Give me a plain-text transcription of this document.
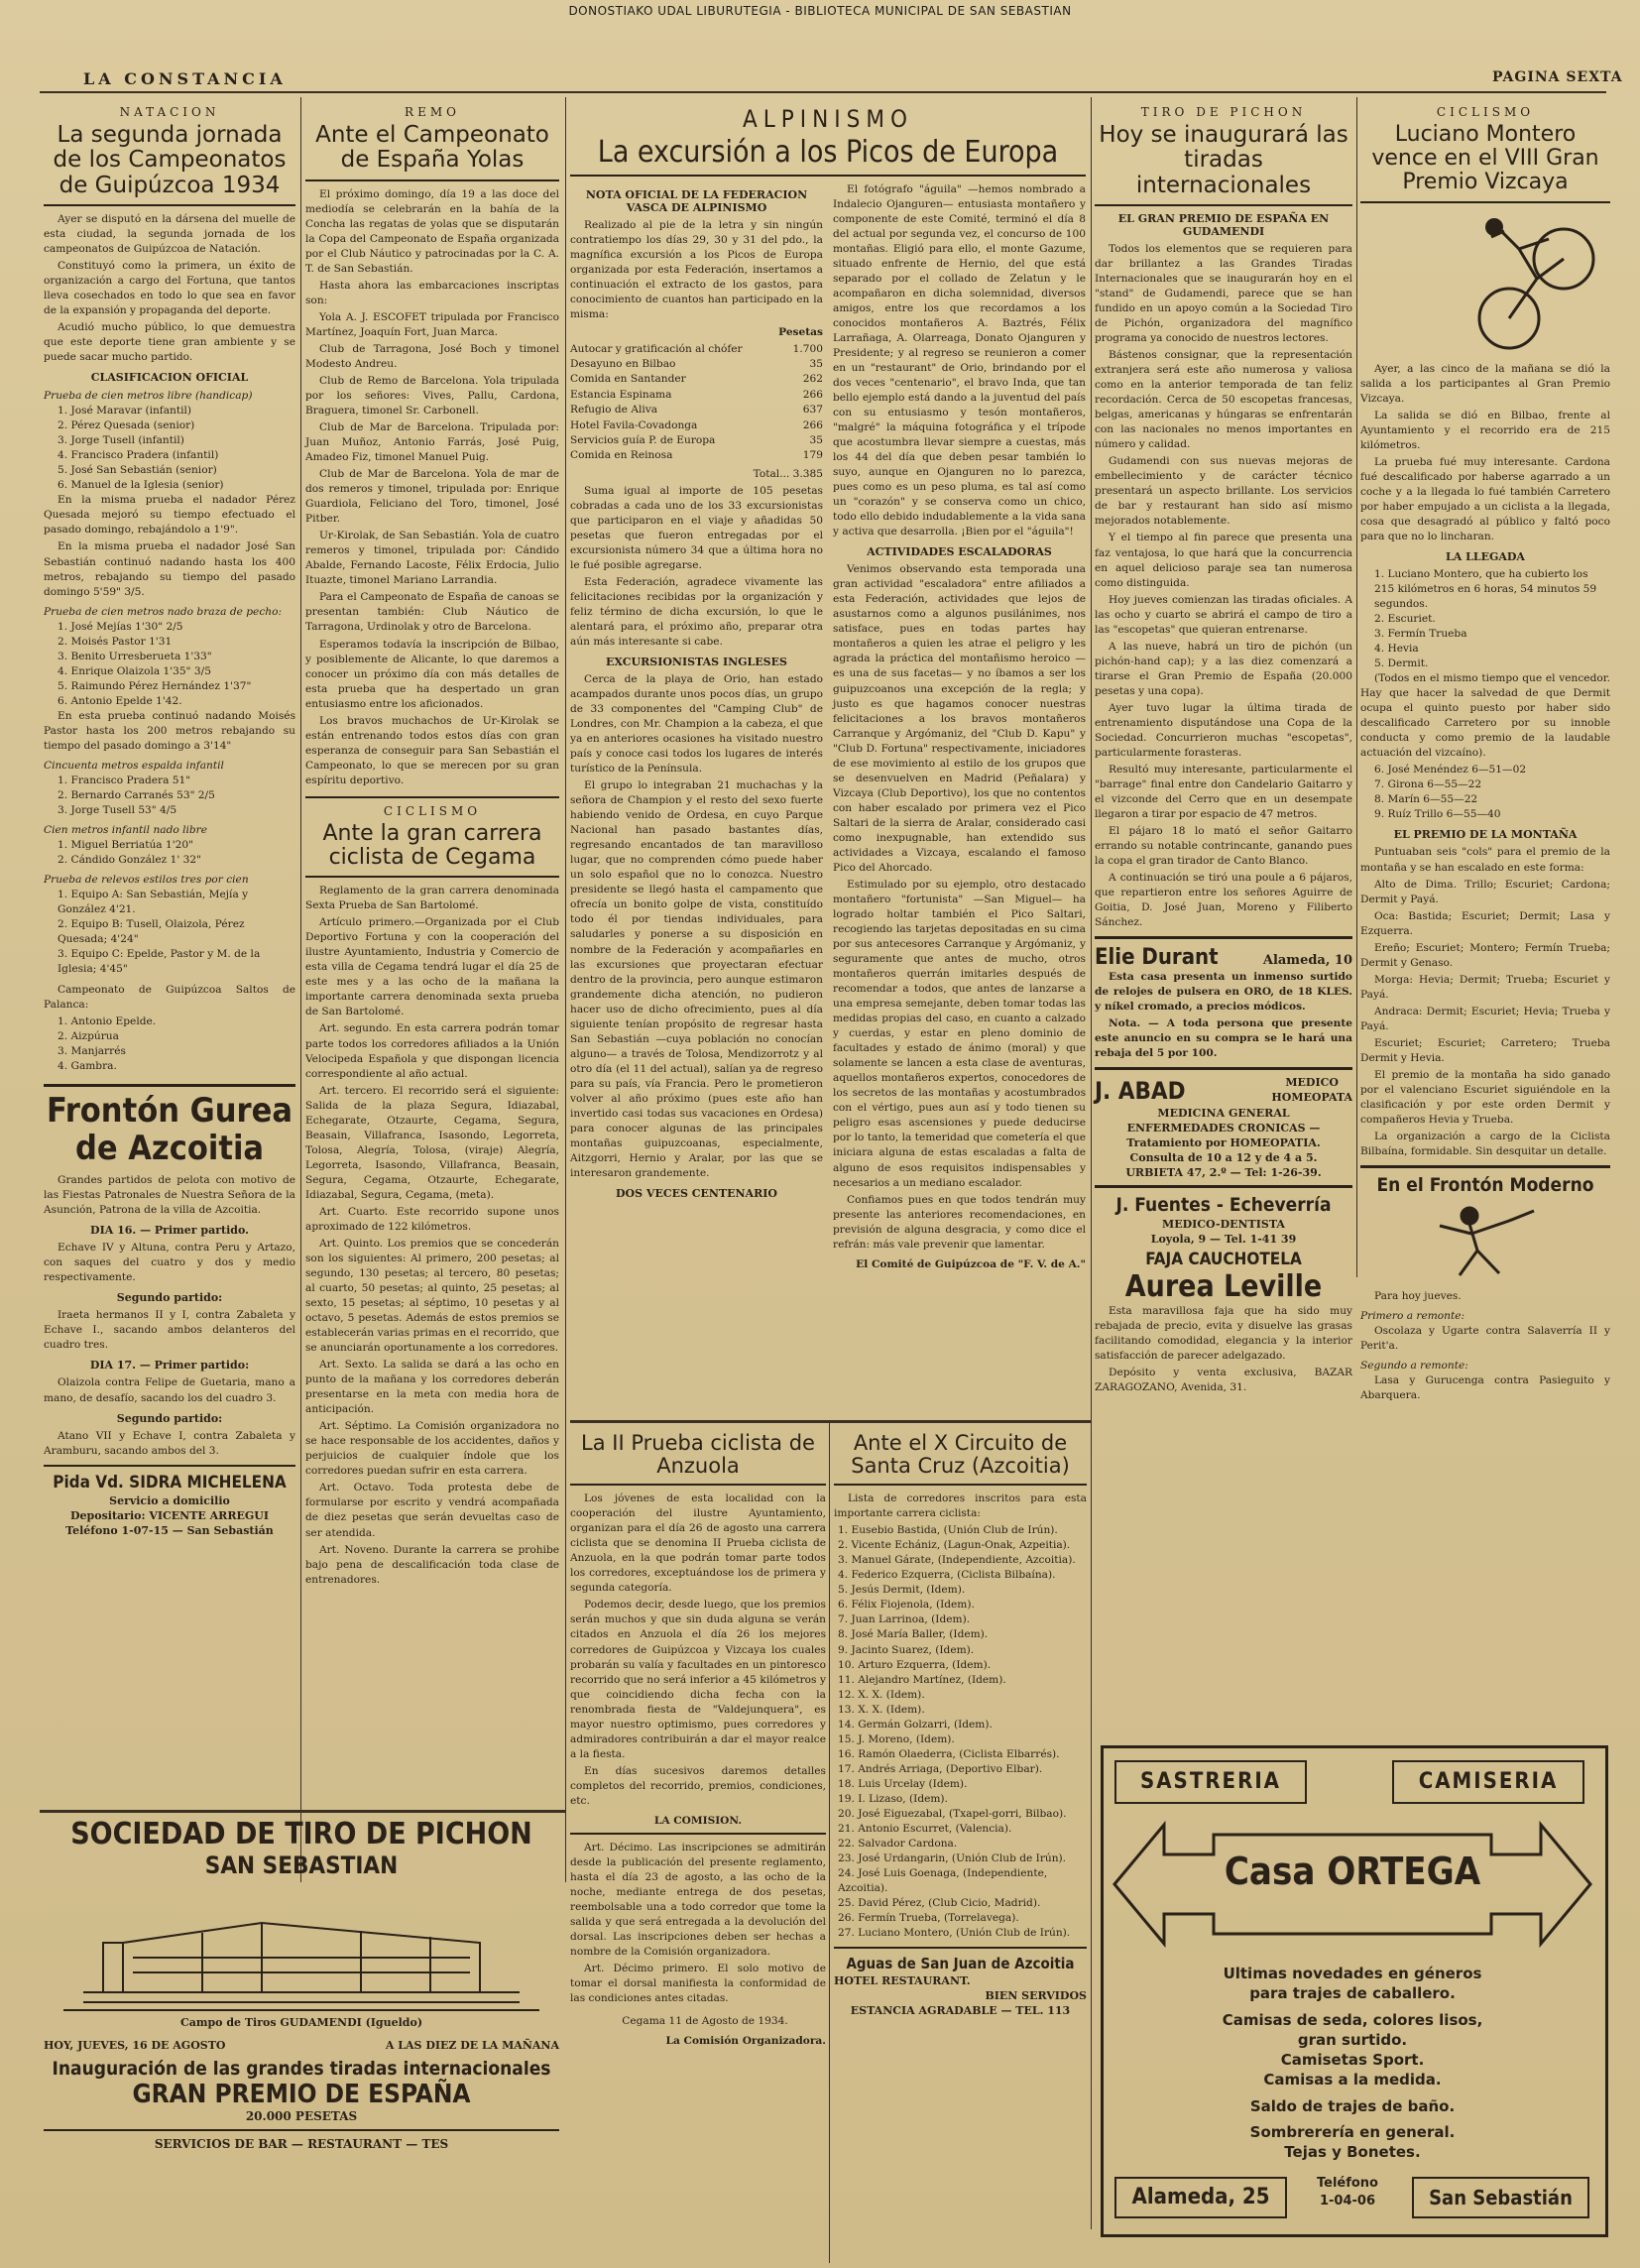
DONOSTIAKO UDAL LIBURUTEGIA - BIBLIOTECA MUNICIPAL DE SAN SEBASTIAN
LA CONSTANCIA	PAGINA SEXTA
NATACION
La segunda jornada de los Campeonatos de Guipúzcoa 1934
Ayer se disputó en la dársena del muelle de esta ciudad, la segunda jornada de los campeonatos de Guipúzcoa de Natación.
Constituyó como la primera, un éxito de organización a cargo del Fortuna, que tantos lleva cosechados en todo lo que sea en favor de la expansión y propaganda del deporte.
Acudió mucho público, lo que demuestra que este deporte tiene gran ambiente y se puede sacar mucho partido.
CLASIFICACION OFICIAL
Prueba de cien metros libre (handicap)
1. José Maravar (infantil)
2. Pérez Quesada (senior)
3. Jorge Tusell (infantil)
4. Francisco Pradera (infantil)
5. José San Sebastián (senior)
6. Manuel de la Iglesia (senior)
En la misma prueba el nadador Pérez Quesada mejoró su tiempo efectuado el pasado domingo, rebajándolo a 1'9".
En la misma prueba el nadador José San Sebastián continuó nadando hasta los 400 metros, rebajando su tiempo del pasado domingo 5'59" 3/5.
Prueba de cien metros nado braza de pecho:
1. José Mejías 1'30" 2/5
2. Moisés Pastor 1'31
3. Benito Urresberueta 1'33"
4. Enrique Olaizola 1'35" 3/5
5. Raimundo Pérez Hernández 1'37"
6. Antonio Epelde 1'42.
En esta prueba continuó nadando Moisés Pastor hasta los 200 metros rebajando su tiempo del pasado domingo a 3'14"
Cincuenta metros espalda infantil
1. Francisco Pradera 51"
2. Bernardo Carranés 53" 2/5
3. Jorge Tusell 53" 4/5
Cien metros infantil nado libre
1. Miguel Berriatúa 1'20"
2. Cándido González 1' 32"
Prueba de relevos estilos tres por cien
1. Equipo A: San Sebastián, Mejía y González 4'21.
2. Equipo B: Tusell, Olaizola, Pérez Quesada; 4'24"
3. Equipo C: Epelde, Pastor y M. de la Iglesia; 4'45"
Campeonato de Guipúzcoa Saltos de Palanca:
1. Antonio Epelde.
2. Aizpúrua
3. Manjarrés
4. Gambra.
Frontón Gurea de Azcoitia
Grandes partidos de pelota con motivo de las Fiestas Patronales de Nuestra Señora de la Asunción, Patrona de la villa de Azcoitia.
DIA 16. — Primer partido.
Echave IV y Altuna, contra Peru y Artazo, con saques del cuatro y dos y medio respectivamente.
Segundo partido:
Iraeta hermanos II y I, contra Zabaleta y Echave I., sacando ambos delanteros del cuadro tres.
DIA 17. — Primer partido:
Olaizola contra Felipe de Guetaria, mano a mano, de desafío, sacando los del cuadro 3.
Segundo partido:
Atano VII y Echave I, contra Zabaleta y Aramburu, sacando ambos del 3.
Pida Vd. SIDRA MICHELENA
Servicio a domicilio
Depositario: VICENTE ARREGUI
Teléfono 1-07-15 — San Sebastián
REMO
Ante el Campeonato de España Yolas
El próximo domingo, día 19 a las doce del mediodía se celebrarán en la bahía de la Concha las regatas de yolas que se disputarán la Copa del Campeonato de España organizada por el Club Náutico y patrocinadas por la C. A. T. de San Sebastián.
Hasta ahora las embarcaciones inscriptas son:
Yola A. J. ESCOFET tripulada por Francisco Martínez, Joaquín Fort, Juan Marca.
Club de Tarragona, José Boch y timonel Modesto Andreu.
Club de Remo de Barcelona. Yola tripulada por los señores: Vives, Pallu, Cardona, Braguera, timonel Sr. Carbonell.
Club de Mar de Barcelona. Tripulada por: Juan Muñoz, Antonio Farrás, José Puig, Amadeo Fiz, timonel Manuel Puig.
Club de Mar de Barcelona. Yola de mar de dos remeros y timonel, tripulada por: Enrique Guardiola, Feliciano del Toro, timonel, José Pitber.
Ur-Kirolak, de San Sebastián. Yola de cuatro remeros y timonel, tripulada por: Cándido Abalde, Fernando Lacoste, Félix Erdocia, Julio Ituazte, timonel Mariano Larrandia.
Para el Campeonato de España de canoas se presentan también: Club Náutico de Tarragona, Urdinolak y otro de Barcelona.
Esperamos todavía la inscripción de Bilbao, y posiblemente de Alicante, lo que daremos a conocer un próximo día con más detalles de esta prueba que ha despertado un gran entusiasmo entre los aficionados.
Los bravos muchachos de Ur-Kirolak se están entrenando todos estos días con gran esperanza de conseguir para San Sebastián el Campeonato, lo que se merecen por su gran espíritu deportivo.
CICLISMO
Ante la gran carrera ciclista de Cegama
Reglamento de la gran carrera denominada Sexta Prueba de San Bartolomé.
Artículo primero.—Organizada por el Club Deportivo Fortuna y con la cooperación del ilustre Ayuntamiento, Industria y Comercio de esta villa de Cegama tendrá lugar el día 25 de este mes y a las ocho de la mañana la importante carrera denominada sexta prueba de San Bartolomé.
Art. segundo. En esta carrera podrán tomar parte todos los corredores afiliados a la Unión Velocipeda Española y que dispongan licencia correspondiente al año actual.
Art. tercero. El recorrido será el siguiente: Salida de la plaza Segura, Idiazabal, Echegarate, Otzaurte, Cegama, Segura, Beasain, Villafranca, Isasondo, Legorreta, Tolosa, Alegría, Tolosa, (viraje) Alegría, Legorreta, Isasondo, Villafranca, Beasain, Segura, Cegama, Otzaurte, Echegarate, Idiazabal, Segura, Cegama, (meta).
Art. Cuarto. Este recorrido supone unos aproximado de 122 kilómetros.
Art. Quinto. Los premios que se concederán son los siguientes: Al primero, 200 pesetas; al segundo, 130 pesetas; al tercero, 80 pesetas; al cuarto, 50 pesetas; al quinto, 25 pesetas; al sexto, 15 pesetas; al séptimo, 10 pesetas y al octavo, 5 pesetas. Además de estos premios se establecerán varias primas en el recorrido, que se anunciarán oportunamente a los corredores.
Art. Sexto. La salida se dará a las ocho en punto de la mañana y los corredores deberán presentarse en la meta con media hora de anticipación.
Art. Séptimo. La Comisión organizadora no se hace responsable de los accidentes, daños y perjuicios de cualquier índole que los corredores puedan sufrir en esta carrera.
Art. Octavo. Toda protesta debe de formularse por escrito y vendrá acompañada de diez pesetas que serán devueltas caso de ser atendida.
Art. Noveno. Durante la carrera se prohibe bajo pena de descalificación toda clase de entrenadores.
ALPINISMO
La excursión a los Picos de Europa
NOTA OFICIAL DE LA FEDERACION VASCA DE ALPINISMO
Realizado al pie de la letra y sin ningún contratiempo los días 29, 30 y 31 del pdo., la magnífica excursión a los Picos de Europa organizada por esta Federación, insertamos a continuación el extracto de los gastos, para conocimiento de cuantos han participado en la misma:
Pesetas
Autocar y gratificación al chófer	1.700
Desayuno en Bilbao	35
Comida en Santander	262
Estancia Espinama	266
Refugio de Aliva	637
Hotel Favila-Covadonga	266
Servicios guía P. de Europa	35
Comida en Reinosa	179
Total... 3.385
Suma igual al importe de 105 pesetas cobradas a cada uno de los 33 excursionistas que participaron en el viaje y añadidas 50 pesetas que fueron entregadas por el excursionista número 34 que a última hora no le fué posible agregarse.
Esta Federación, agradece vivamente las felicitaciones recibidas por la organización y feliz término de dicha excursión, lo que le alentará para, el próximo año, preparar otra aún más interesante si cabe.
EXCURSIONISTAS INGLESES
Cerca de la playa de Orio, han estado acampados durante unos pocos días, un grupo de 33 componentes del "Camping Club" de Londres, con Mr. Champion a la cabeza, el que ya en anteriores ocasiones ha visitado nuestro país y conoce casi todos los lugares de interés turístico de la Península.
El grupo lo integraban 21 muchachas y la señora de Champion y el resto del sexo fuerte habiendo venido de Ordesa, en cuyo Parque Nacional han pasado bastantes días, regresando encantados de tan maravilloso lugar, que no comprenden cómo puede haber un solo español que no lo conozca. Nuestro presidente se llegó hasta el campamento que ofrecía un bonito golpe de vista, constituído todo él por tiendas individuales, para saludarles y ponerse a su disposición en nombre de la Federación y acompañarles en las excursiones que proyectaran efectuar dentro de la provincia, pero aunque estimaron grandemente dicha atención, no pudieron hacer uso de dicho ofrecimiento, pues al día siguiente tenían propósito de regresar hasta San Sebastián —cuya población no conocían alguno— a través de Tolosa, Mendizorrotz y al otro día (el 11 del actual), salían ya de regreso para su país, vía Francia. Pero le prometieron volver al año próximo (pues este año han invertido casi todas sus vacaciones en Ordesa) para conocer algunas de las principales montañas guipuzcoanas, especialmente, Aitzgorri, Hernio y Aralar, por las que se interesaron grandemente.
DOS VECES CENTENARIO
El fotógrafo "águila" —hemos nombrado a Indalecio Ojanguren— entusiasta montañero y componente de este Comité, terminó el día 8 del actual por segunda vez, el concurso de 100 montañas. Eligió para ello, el monte Gazume, situado enfrente de Hernio, del que está separado por el collado de Zelatun y le acompañaron en dicha solemnidad, diversos amigos, entre los que recordamos a los conocidos montañeros A. Baztrés, Félix Larrañaga, A. Olarreaga, Donato Ojanguren y Presidente; y al regreso se reunieron a comer en un "restaurant" de Orio, brindando por el dos veces "centenario", el bravo Inda, que tan bello ejemplo está dando a la juventud del país con su entusiasmo y tesón montañeros, "malgré" la máquina fotográfica y el trípode que acostumbra llevar siempre a cuestas, más los 44 del día que deben pesar también lo suyo, aunque en Ojanguren no lo parezca, pues como es un peso pluma, es tal así como un "corazón" y se conserva como un chico, todo ello debido indudablemente a la vida sana y activa que desarrolla. ¡Bien por el "águila"!
ACTIVIDADES ESCALADORAS
Venimos observando esta temporada una gran actividad "escaladora" entre afiliados a esta Federación, actividades que lejos de asustarnos como a algunos pusilánimes, nos satisface, pues en todas partes hay montañeros a quien les atrae el peligro y les agrada la práctica del montañismo heroico —es una de sus facetas— y no íbamos a ser los guipuzcoanos una excepción de la regla; y justo es que hagamos conocer nuestras felicitaciones a los bravos montañeros Carranque y Argómaniz, del "Club D. Kapu" y "Club D. Fortuna" respectivamente, iniciadores de ese movimiento al estilo de los grupos que se desenvuelven en Madrid (Peñalara) y Vizcaya (Club Deportivo), los que no contentos con haber escalado por primera vez el Pico Saltari de la sierra de Aralar, considerado casi como inexpugnable, han extendido sus actividades a Vizcaya, escalando el famoso Pico del Ahorcado.
Estimulado por su ejemplo, otro destacado montañero "fortunista" —San Miguel— ha logrado holtar también el Pico Saltari, recogiendo las tarjetas depositadas en su cima por sus antecesores Carranque y Argómaniz, y seguramente que antes de mucho, otros montañeros querrán imitarles después de recomendar a todos, que antes de lanzarse a una empresa semejante, deben tomar todas las medidas propias del caso, en cuanto a calzado y cuerdas, y estar en pleno dominio de facultades y estado de ánimo (moral) y que solamente se lancen a esta clase de aventuras, aquellos montañeros expertos, conocedores de los secretos de las montañas y acostumbrados con el vértigo, pues aun así y todo tienen su peligro esas ascensiones y puede deducirse por lo tanto, la temeridad que cometería el que iniciara alguna de estas escaladas a falta de alguno de esos requisitos indispensables y necesarios a un mediano escalador.
Confiamos pues en que todos tendrán muy presente las anteriores recomendaciones, en previsión de alguna desgracia, y como dice el refrán: más vale prevenir que lamentar.
El Comité de Guipúzcoa de "F. V. de A."
La II Prueba ciclista de Anzuola
Los jóvenes de esta localidad con la cooperación del ilustre Ayuntamiento, organizan para el día 26 de agosto una carrera ciclista que se denomina II Prueba ciclista de Anzuola, en la que podrán tomar parte todos los corredores, exceptuándose los de primera y segunda categoría.
Podemos decir, desde luego, que los premios serán muchos y que sin duda alguna se verán citados en Anzuola el día 26 los mejores corredores de Guipúzcoa y Vizcaya los cuales probarán su valía y facultades en un pintoresco recorrido que no será inferior a 45 kilómetros y que coincidiendo dicha fecha con la renombrada fiesta de "Valdejunquera", es mayor nuestro optimismo, pues corredores y admiradores contribuirán a dar el mayor realce a la fiesta.
En días sucesivos daremos detalles completos del recorrido, premios, condiciones, etc.
LA COMISION.
Art. Décimo. Las inscripciones se admitirán desde la publicación del presente reglamento, hasta el día 23 de agosto, a las ocho de la noche, mediante entrega de dos pesetas, reembolsable una a todo corredor que tome la salida y que será entregada a la devolución del dorsal. Las inscripciones deben ser hechas a nombre de la Comisión organizadora.
Art. Décimo primero. El solo motivo de tomar el dorsal manifiesta la conformidad de las condiciones antes citadas.
Cegama 11 de Agosto de 1934.
La Comisión Organizadora.
Ante el X Circuito de Santa Cruz (Azcoitia)
Lista de corredores inscritos para esta importante carrera ciclista:
1. Eusebio Bastida, (Unión Club de Irún).
2. Vicente Echániz, (Lagun-Onak, Azpeitia).
3. Manuel Gárate, (Independiente, Azcoitia).
4. Federico Ezquerra, (Ciclista Bilbaína).
5. Jesús Dermit, (Idem).
6. Félix Fiojenola, (Idem).
7. Juan Larrinoa, (Idem).
8. José María Baller, (Idem).
9. Jacinto Suarez, (Idem).
10. Arturo Ezquerra, (Idem).
11. Alejandro Martínez, (Idem).
12. X. X. (Idem).
13. X. X. (Idem).
14. Germán Golzarri, (Idem).
15. J. Moreno, (Idem).
16. Ramón Olaederra, (Ciclista Elbarrés).
17. Andrés Arriaga, (Deportivo Elbar).
18. Luis Urcelay (Idem).
19. I. Lizaso, (Idem).
20. José Eiguezabal, (Txapel-gorri, Bilbao).
21. Antonio Escurret, (Valencia).
22. Salvador Cardona.
23. José Urdangarin, (Unión Club de Irún).
24. José Luis Goenaga, (Independiente, Azcoitia).
25. David Pérez, (Club Cicio, Madrid).
26. Fermín Trueba, (Torrelavega).
27. Luciano Montero, (Unión Club de Irún).
Aguas de San Juan de Azcoitia
HOTEL RESTAURANT.
BIEN SERVIDOS
ESTANCIA AGRADABLE — TEL. 113
TIRO DE PICHON
Hoy se inaugurará las tiradas internacionales
EL GRAN PREMIO DE ESPAÑA EN GUDAMENDI
Todos los elementos que se requieren para dar brillantez a las Grandes Tiradas Internacionales que se inaugurarán hoy en el "stand" de Gudamendi, parece que se han fundido en un apoyo común a la Sociedad Tiro de Pichón, organizadora del magnífico programa ya conocido de nuestros lectores.
Bástenos consignar, que la representación extranjera será este año numerosa y valiosa como en la anterior temporada de tan feliz recordación. Cerca de 50 escopetas francesas, belgas, americanas y húngaras se enfrentarán con las nacionales no menos importantes en número y calidad.
Gudamendi con sus nuevas mejoras de embellecimiento y de carácter técnico presentará un aspecto brillante. Los servicios de bar y restaurant han sido así mismo mejorados notablemente.
Y el tiempo al fin parece que presenta una faz ventajosa, lo que hará que la concurrencia en aquel delicioso paraje sea tan numerosa como distinguida.
Hoy jueves comienzan las tiradas oficiales. A las ocho y cuarto se abrirá el campo de tiro a las "escopetas" que quieran entrenarse.
A las nueve, habrá un tiro de pichón (un pichón-hand cap); y a las diez comenzará a tirarse el Gran Premio de España (20.000 pesetas y una copa).
Ayer tuvo lugar la última tirada de entrenamiento disputándose una Copa de la Sociedad. Concurrieron muchas "escopetas", particularmente forasteras.
Resultó muy interesante, particularmente el "barrage" final entre don Candelario Gaitarro y el vizconde del Cerro que en un desempate llegaron a tirar por espacio de 47 metros.
El pájaro 18 lo mató el señor Gaitarro errando su notable contrincante, ganando pues la copa el gran tirador de Canto Blanco.
A continuación se tiró una poule a 6 pájaros, que repartieron entre los señores Aguirre de Goitia, D. José Juan, Moreno y Filiberto Sánchez.
Elie Durant	Alameda, 10
Esta casa presenta un inmenso surtido de relojes de pulsera en ORO, de 18 KLES. y níkel cromado, a precios módicos.
Nota. — A toda persona que presente este anuncio en su compra se le hará una rebaja del 5 por 100.
J. ABAD	MEDICO
HOMEOPATA
MEDICINA GENERAL
ENFERMEDADES CRONICAS —
Tratamiento por HOMEOPATIA.
Consulta de 10 a 12 y de 4 a 5.
URBIETA 47, 2.º — Tel: 1-26-39.
J. Fuentes - Echeverría
MEDICO-DENTISTA
Loyola, 9 — Tel. 1-41 39
FAJA CAUCHOTELA
Aurea Leville
Esta maravillosa faja que ha sido muy rebajada de precio, evita y disuelve las grasas facilitando comodidad, elegancia y la interior satisfacción de parecer adelgazado.
Depósito y venta exclusiva, BAZAR ZARAGOZANO, Avenida, 31.
CICLISMO
Luciano Montero vence en el VIII Gran Premio Vizcaya
Ayer, a las cinco de la mañana se dió la salida a los participantes al Gran Premio Vizcaya.
La salida se dió en Bilbao, frente al Ayuntamiento y el recorrido era de 215 kilómetros.
La prueba fué muy interesante. Cardona fué descalificado por haberse agarrado a un coche y a la llegada lo fué también Carretero por haber empujado a un ciclista a la llegada, cosa que desagradó al público y faltó poco para que no lo lincharan.
LA LLEGADA
1. Luciano Montero, que ha cubierto los 215 kilómetros en 6 horas, 54 minutos 59 segundos.
2. Escuriet.
3. Fermín Trueba
4. Hevia
5. Dermit.
(Todos en el mismo tiempo que el vencedor. Hay que hacer la salvedad de que Dermit ocupa el quinto puesto por haber sido descalificado Carretero por su innoble conducta y como premio de la laudable actuación del vizcaíno).
6. José Menéndez 6—51—02
7. Girona 6—55—22
8. Marín 6—55—22
9. Ruíz Trillo 6—55—40
EL PREMIO DE LA MONTAÑA
Puntuaban seis "cols" para el premio de la montaña y se han escalado en este forma:
Alto de Dima. Trillo; Escuriet; Cardona; Dermit y Payá.
Oca: Bastida; Escuriet; Dermit; Lasa y Ezquerra.
Ereño; Escuriet; Montero; Fermín Trueba; Dermit y Genaso.
Morga: Hevia; Dermit; Trueba; Escuriet y Payá.
Andraca: Dermit; Escuriet; Hevia; Trueba y Payá.
Escuriet; Escuriet; Carretero; Trueba Dermit y Hevia.
El premio de la montaña ha sido ganado por el valenciano Escuriet siguiéndole en la clasificación y por este orden Dermit y compañeros Hevia y Trueba.
La organización a cargo de la Ciclista Bilbaína, formidable. Sin desquitar un detalle.
En el Frontón Moderno
Para hoy jueves.
Primero a remonte:
Oscolaza y Ugarte contra Salaverría II y Perit'a.
Segundo a remonte:
Lasa y Gurucenga contra Pasieguito y Abarquera.
SOCIEDAD DE TIRO DE PICHON
SAN SEBASTIAN
Campo de Tiros GUDAMENDI (Igueldo)
HOY, JUEVES, 16 DE AGOSTO	A LAS DIEZ DE LA MAÑANA
Inauguración de las grandes tiradas internacionales
GRAN PREMIO DE ESPAÑA
20.000 PESETAS
SERVICIOS DE BAR — RESTAURANT — TES
SASTRERIA	CAMISERIA
Casa ORTEGA
Ultimas novedades en géneros
para trajes de caballero.
Camisas de seda, colores lisos,
gran surtido.
Camisetas Sport.
Camisas a la medida.
Saldo de trajes de baño.
Sombrerería en general.
Tejas y Bonetes.
Alameda, 25
Teléfono
1-04-06	San Sebastián
